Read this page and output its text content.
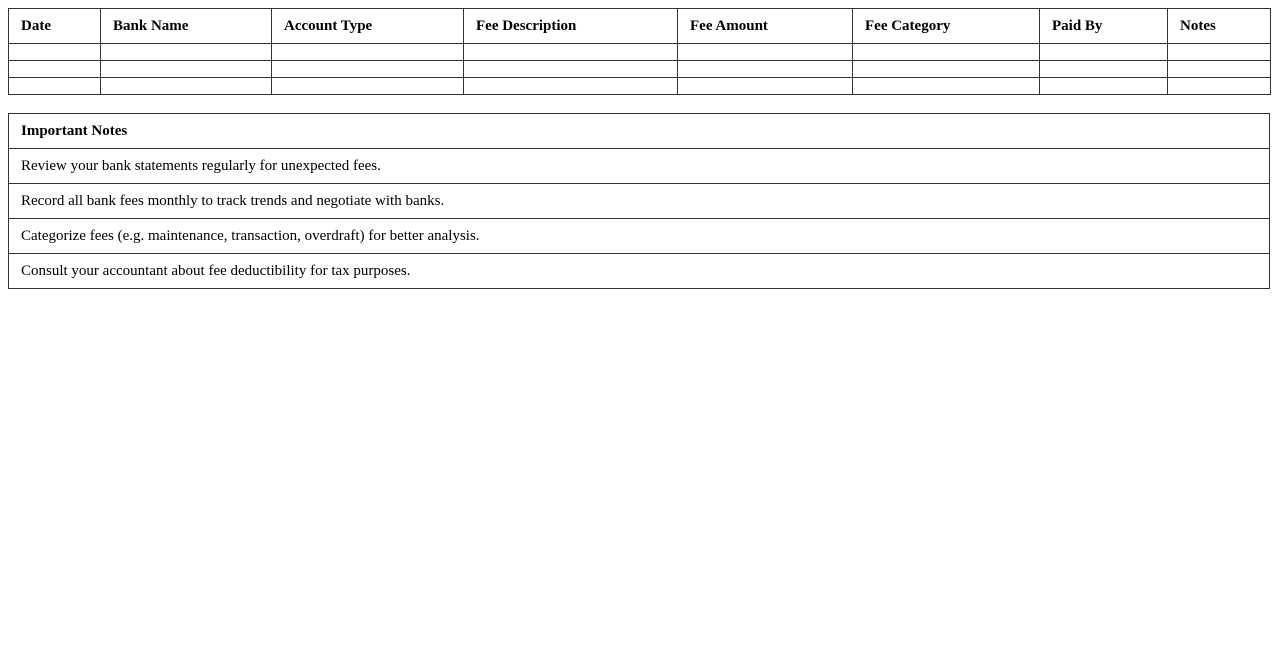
Date	Bank Name	Account Type	Fee Description	Fee Amount	Fee Category	Paid By	Notes

Important Notes
Review your bank statements regularly for unexpected fees.
Record all bank fees monthly to track trends and negotiate with banks.
Categorize fees (e.g. maintenance, transaction, overdraft) for better analysis.
Consult your accountant about fee deductibility for tax purposes.
